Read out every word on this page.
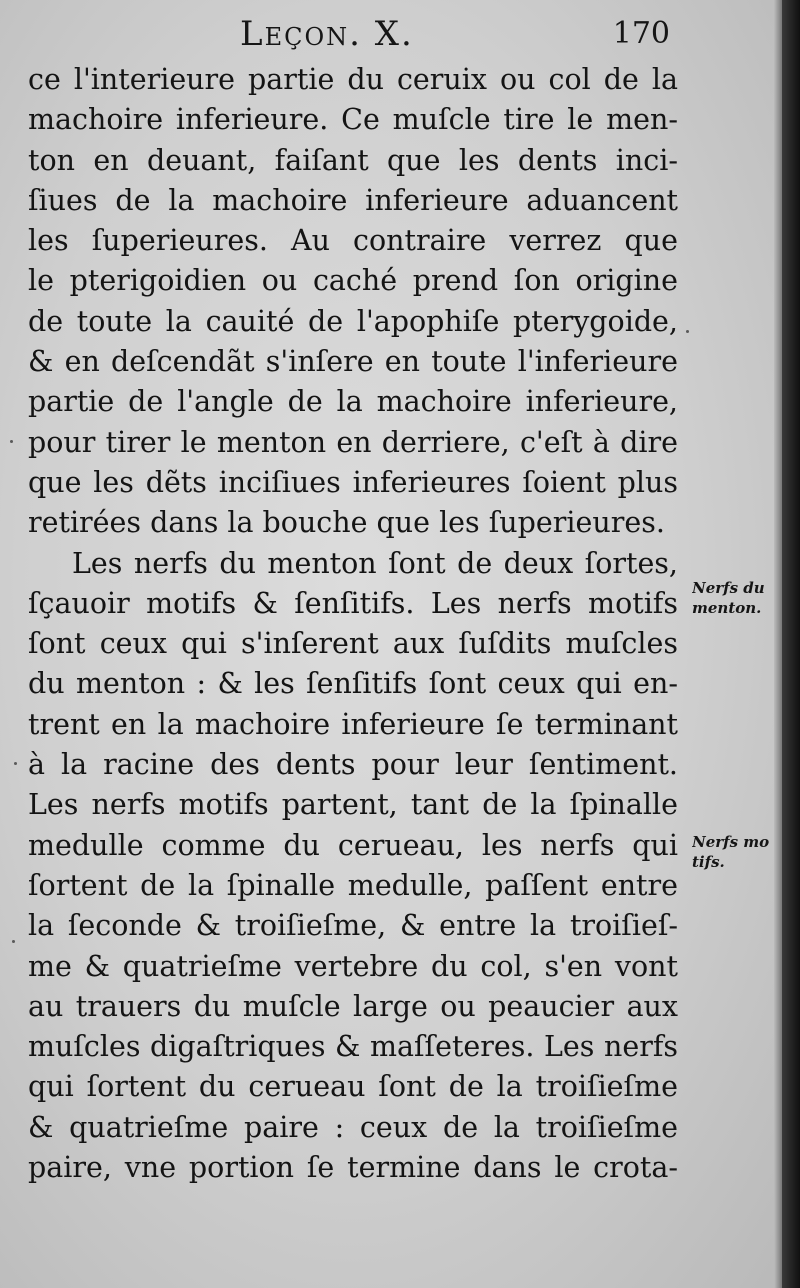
Leçon. X.	170
ce l'interieure partie du ceruix ou col de la
machoire inferieure. Ce muſcle tire le men-
ton en deuant, faiſant que les dents inci-
ſiues de la machoire inferieure aduancent
les ſuperieures. Au contraire verrez que
le pterigoidien ou caché prend ſon origine
de toute la cauité de l'apophiſe pterygoide,
& en deſcendãt s'inſere en toute l'inferieure
partie de l'angle de la machoire inferieure,
pour tirer le menton en derriere, c'eſt à dire
que les dẽts inciſiues inferieures ſoient plus
retirées dans la bouche que les ſuperieures.
Les nerfs du menton ſont de deux ſortes,
ſçauoir motifs & ſenſitifs. Les nerfs motifs
ſont ceux qui s'inſerent aux ſuſdits muſcles
du menton : & les ſenſitifs ſont ceux qui en-
trent en la machoire inferieure ſe terminant
à la racine des dents pour leur ſentiment.
Les nerfs motifs partent, tant de la ſpinalle
medulle comme du cerueau, les nerfs qui
ſortent de la ſpinalle medulle, paſſent entre
la ſeconde & troiſieſme, & entre la troiſieſ-
me & quatrieſme vertebre du col, s'en vont
au trauers du muſcle large ou peaucier aux
muſcles digaſtriques & maſſeteres. Les nerfs
qui ſortent du cerueau ſont de la troiſieſme
& quatrieſme paire : ceux de la troiſieſme
paire, vne portion ſe termine dans le crota-
Nerfs du
menton.
Nerfs mo
tifs.
